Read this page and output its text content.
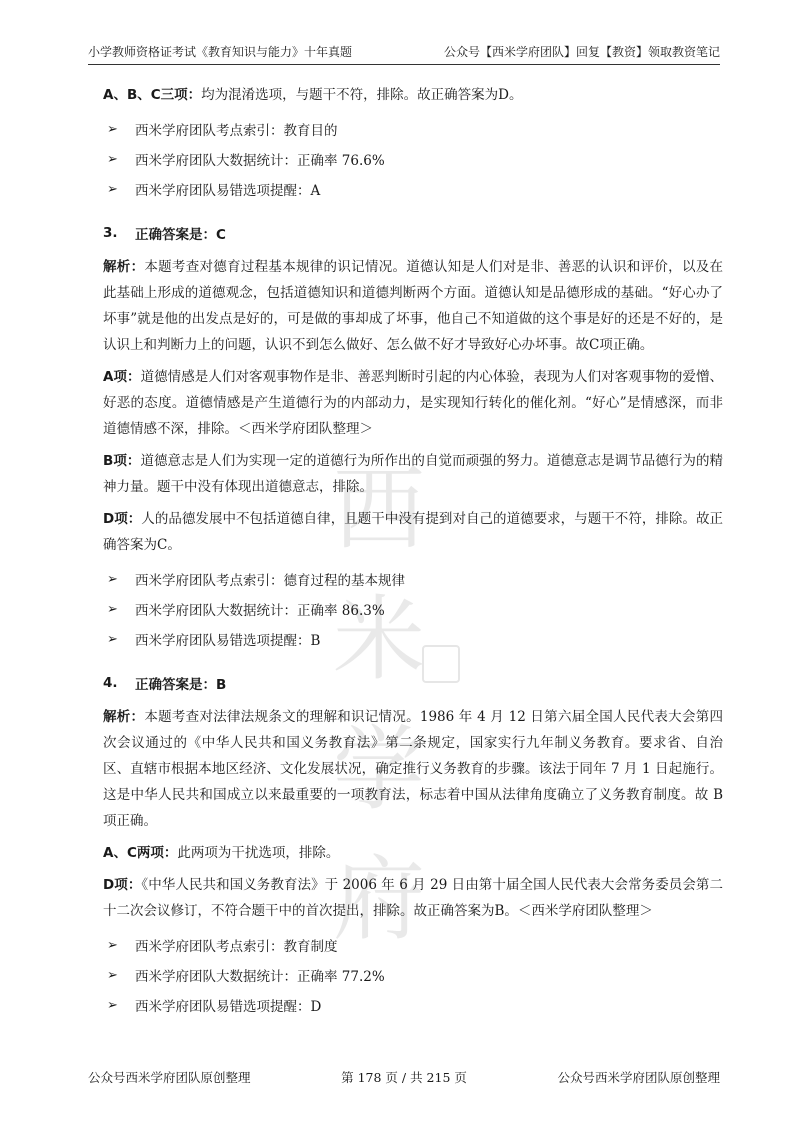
西米
学府
小学教师资格证考试《教育知识与能力》十年真题	公众号【西米学府团队】回复【教资】领取教资笔记

A、B、C三项：均为混淆选项，与题干不符，排除。故正确答案为D。

➢	西米学府团队考点索引：教育目的
➢	西米学府团队大数据统计：正确率 76.6%
➢	西米学府团队易错选项提醒：A
3.	正确答案是：C

解析：本题考查对德育过程基本规律的识记情况。道德认知是人们对是非、善恶的认识和评价，以及在此基础上形成的道德观念，包括道德知识和道德判断两个方面。道德认知是品德形成的基础。“好心办了坏事”就是他的出发点是好的，可是做的事却成了坏事，他自己不知道做的这个事是好的还是不好的，是认识上和判断力上的问题，认识不到怎么做好、怎么做不好才导致好心办坏事。故C项正确。

A项：道德情感是人们对客观事物作是非、善恶判断时引起的内心体验，表现为人们对客观事物的爱憎、好恶的态度。道德情感是产生道德行为的内部动力，是实现知行转化的催化剂。“好心”是情感深，而非道德情感不深，排除。＜西米学府团队整理＞

B项：道德意志是人们为实现一定的道德行为所作出的自觉而顽强的努力。道德意志是调节品德行为的精神力量。题干中没有体现出道德意志，排除。

D项：人的品德发展中不包括道德自律，且题干中没有提到对自己的道德要求，与题干不符，排除。故正确答案为C。

➢	西米学府团队考点索引：德育过程的基本规律
➢	西米学府团队大数据统计：正确率 86.3%
➢	西米学府团队易错选项提醒：B
4.	正确答案是：B

解析：本题考查对法律法规条文的理解和识记情况。1986 年 4 月 12 日第六届全国人民代表大会第四次会议通过的《中华人民共和国义务教育法》第二条规定，国家实行九年制义务教育。要求省、自治区、直辖市根据本地区经济、文化发展状况，确定推行义务教育的步骤。该法于同年 7 月 1 日起施行。这是中华人民共和国成立以来最重要的一项教育法，标志着中国从法律角度确立了义务教育制度。故 B 项正确。

A、C两项：此两项为干扰选项，排除。

D项：《中华人民共和国义务教育法》于 2006 年 6 月 29 日由第十届全国人民代表大会常务委员会第二十二次会议修订，不符合题干中的首次提出，排除。故正确答案为B。＜西米学府团队整理＞

➢	西米学府团队考点索引：教育制度
➢	西米学府团队大数据统计：正确率 77.2%
➢	西米学府团队易错选项提醒：D
公众号西米学府团队原创整理	第 178 页 / 共 215 页	公众号西米学府团队原创整理
